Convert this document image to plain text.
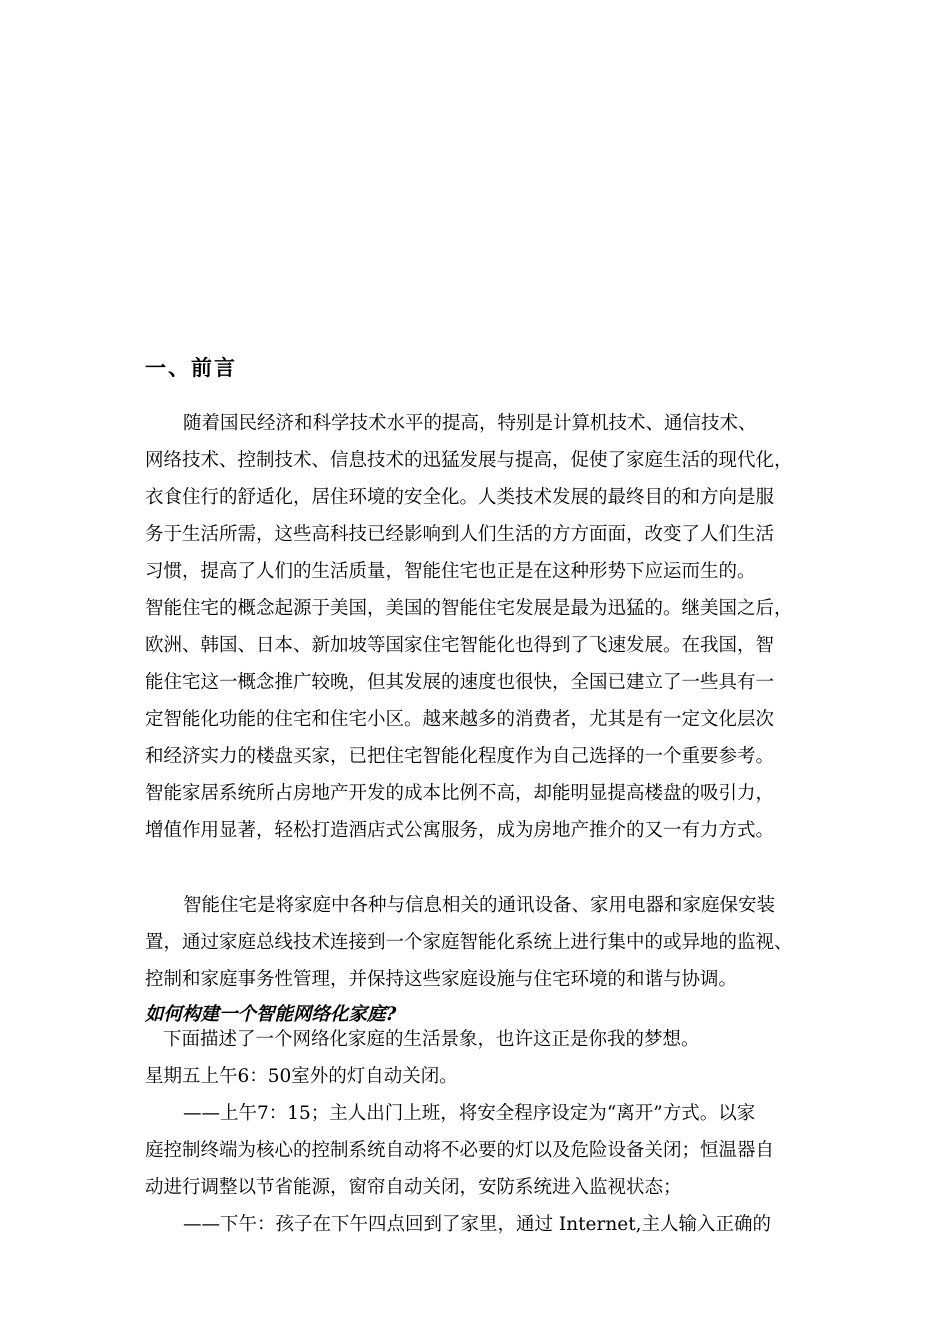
一、前言
随着国民经济和科学技术水平的提高，特别是计算机技术、通信技术、
网络技术、控制技术、信息技术的迅猛发展与提高，促使了家庭生活的现代化，
衣食住行的舒适化，居住环境的安全化。人类技术发展的最终目的和方向是服
务于生活所需，这些高科技已经影响到人们生活的方方面面，改变了人们生活
习惯，提高了人们的生活质量，智能住宅也正是在这种形势下应运而生的。
智能住宅的概念起源于美国，美国的智能住宅发展是最为迅猛的。继美国之后，
欧洲、韩国、日本、新加坡等国家住宅智能化也得到了飞速发展。在我国，智
能住宅这一概念推广较晚，但其发展的速度也很快，全国已建立了一些具有一
定智能化功能的住宅和住宅小区。越来越多的消费者，尤其是有一定文化层次
和经济实力的楼盘买家，已把住宅智能化程度作为自己选择的一个重要参考。
智能家居系统所占房地产开发的成本比例不高，却能明显提高楼盘的吸引力，
增值作用显著，轻松打造酒店式公寓服务，成为房地产推介的又一有力方式。
智能住宅是将家庭中各种与信息相关的通讯设备、家用电器和家庭保安装
置，通过家庭总线技术连接到一个家庭智能化系统上进行集中的或异地的监视、
控制和家庭事务性管理，并保持这些家庭设施与住宅环境的和谐与协调。
如何构建一个智能网络化家庭?
下面描述了一个网络化家庭的生活景象，也许这正是你我的梦想。
星期五上午6：50室外的灯自动关闭。
——上午7：15；主人出门上班，将安全程序设定为“离开”方式。以家
庭控制终端为核心的控制系统自动将不必要的灯以及危险设备关闭；恒温器自
动进行调整以节省能源，窗帘自动关闭，安防系统进入监视状态；
——下午：孩子在下午四点回到了家里，通过 Internet,主人输入正确的
